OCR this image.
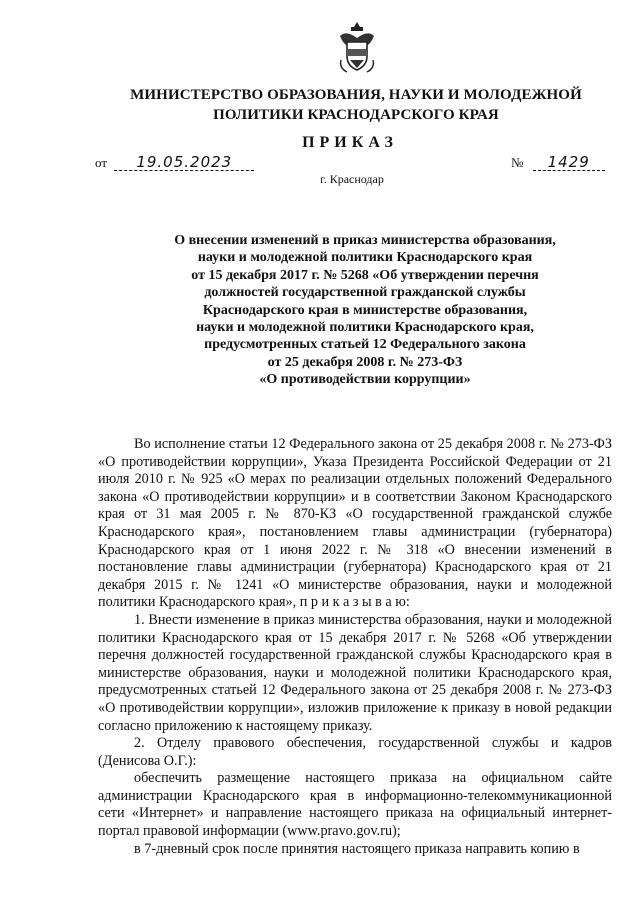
МИНИСТЕРСТВО ОБРАЗОВАНИЯ, НАУКИ И МОЛОДЕЖНОЙ
ПОЛИТИКИ КРАСНОДАРСКОГО КРАЯ
ПРИКАЗ
от 19.05.2023	№ 1429
г. Краснодар
О внесении изменений в приказ министерства образования,
науки и молодежной политики Краснодарского края
от 15 декабря 2017 г. № 5268 «Об утверждении перечня
должностей государственной гражданской службы
Краснодарского края в министерстве образования,
науки и молодежной политики Краснодарского края,
предусмотренных статьей 12 Федерального закона
от 25 декабря 2008 г. № 273-ФЗ
«О противодействии коррупции»

Во исполнение статьи 12 Федерального закона от 25 декабря 2008 г. № 273-ФЗ «О противодействии коррупции», Указа Президента Российской Федерации от 21 июля 2010 г. № 925 «О мерах по реализации отдельных положений Федерального закона «О противодействии коррупции» и в соответствии Законом Краснодарского края от 31 мая 2005 г. № 870-КЗ «О государственной гражданской службе Краснодарского края», постановлением главы администрации (губернатора) Краснодарского края от 1 июня 2022 г. № 318 «О внесении изменений в постановление главы администрации (губернатора) Краснодарского края от 21 декабря 2015 г. № 1241 «О министерстве образования, науки и молодежной политики Краснодарского края», п р и к а з ы в а ю:

1. Внести изменение в приказ министерства образования, науки и молодежной политики Краснодарского края от 15 декабря 2017 г. № 5268 «Об утверждении перечня должностей государственной гражданской службы Краснодарского края в министерстве образования, науки и молодежной политики Краснодарского края, предусмотренных статьей 12 Федерального закона от 25 декабря 2008 г. № 273-ФЗ «О противодействии коррупции», изложив приложение к приказу в новой редакции согласно приложению к настоящему приказу.

2. Отделу правового обеспечения, государственной службы и кадров (Денисова О.Г.):

обеспечить размещение настоящего приказа на официальном сайте администрации Краснодарского края в информационно-телекоммуникационной сети «Интернет» и направление настоящего приказа на официальный интернет-портал правовой информации (www.pravo.gov.ru);

в 7-дневный срок после принятия настоящего приказа направить копию в
